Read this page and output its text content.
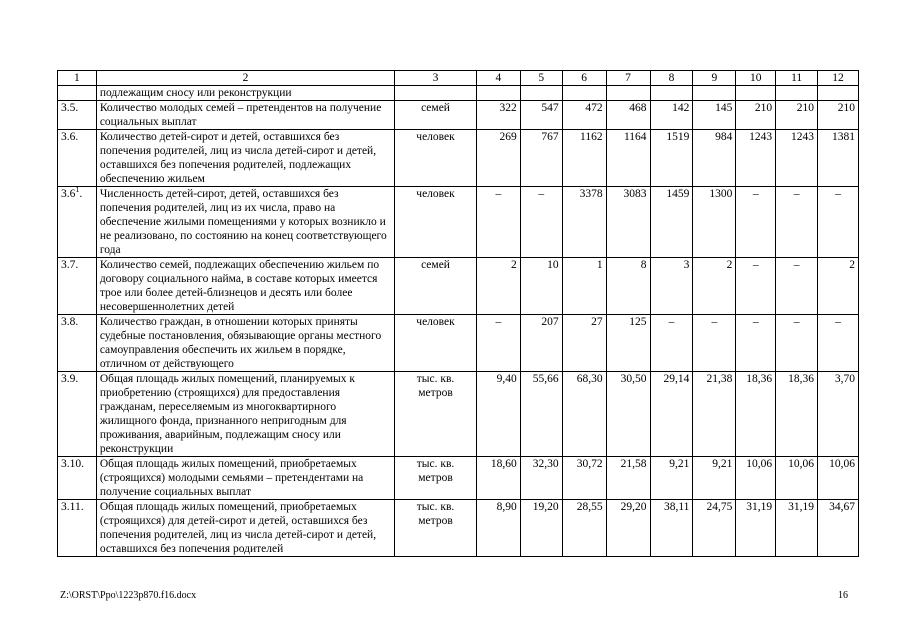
1	2	3	4	5	6	7	8	9	10	11	12
	подлежащим сносу или реконструкции										
3.5.	Количество молодых семей – претендентов на получение социальных выплат	семей	322	547	472	468	142	145	210	210	210
3.6.	Количество детей-сирот и детей, оставшихся без попечения родителей, лиц из числа детей-сирот и детей, оставшихся без попечения родителей, подлежащих обеспечению жильем	человек	269	767	1162	1164	1519	984	1243	1243	1381
$3.6^1$.	Численность детей-сирот, детей, оставшихся без попечения родителей, лиц из их числа, право на обеспечение жилыми помещениями у которых возникло и не реализовано, по состоянию на конец соответствующего года	человек	–	–	3378	3083	1459	1300	–	–	–
3.7.	Количество семей, подлежащих обеспечению жильем по договору социального найма, в составе которых имеется трое или более детей-близнецов и десять или более несовершеннолетних детей	семей	2	10	1	8	3	2	–	–	2
3.8.	Количество граждан, в отношении которых приняты судебные постановления, обязывающие органы местного самоуправления обеспечить их жильем в порядке, отличном от действующего	человек	–	207	27	125	–	–	–	–	–
3.9.	Общая площадь жилых помещений, планируемых к приобретению (строящихся) для предоставления гражданам, переселяемым из многоквартирного жилищного фонда, признанного непригодным для проживания, аварийным, подлежащим сносу или реконструкции	тыс. кв. метров	9,40	55,66	68,30	30,50	29,14	21,38	18,36	18,36	3,70
3.10.	Общая площадь жилых помещений, приобретаемых (строящихся) молодыми семьями – претендентами на получение социальных выплат	тыс. кв. метров	18,60	32,30	30,72	21,58	9,21	9,21	10,06	10,06	10,06
3.11.	Общая площадь жилых помещений, приобретаемых (строящихся) для детей-сирот и детей, оставшихся без попечения родителей, лиц из числа детей-сирот и детей, оставшихся без попечения родителей	тыс. кв. метров	8,90	19,20	28,55	29,20	38,11	24,75	31,19	31,19	34,67
Z:\ORST\Ppo\1223p870.f16.docx	16
